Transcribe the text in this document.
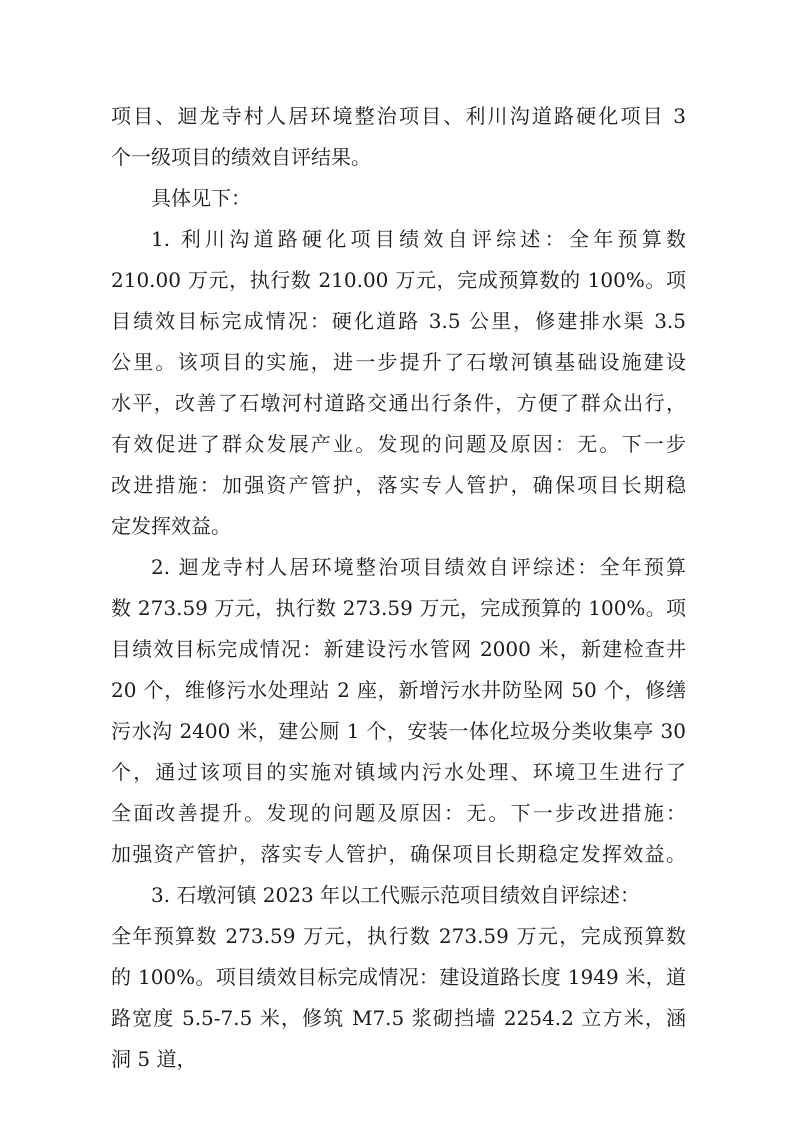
项目、迴龙寺村人居环境整治项目、利川沟道路硬化项目 3
个一级项目的绩效自评结果。
具体见下：
1. 利川沟道路硬化项目绩效自评综述：全年预算数
210.00 万元，执行数 210.00 万元，完成预算数的 100%。项
目绩效目标完成情况：硬化道路 3.5 公里，修建排水渠 3.5
公里。该项目的实施，进一步提升了石墩河镇基础设施建设
水平，改善了石墩河村道路交通出行条件，方便了群众出行，
有效促进了群众发展产业。发现的问题及原因：无。下一步
改进措施：加强资产管护，落实专人管护，确保项目长期稳
定发挥效益。
2. 迴龙寺村人居环境整治项目绩效自评综述：全年预算
数 273.59 万元，执行数 273.59 万元，完成预算的 100%。项
目绩效目标完成情况：新建设污水管网 2000 米，新建检查井
20 个，维修污水处理站 2 座，新增污水井防坠网 50 个，修缮
污水沟 2400 米，建公厕 1 个，安装一体化垃圾分类收集亭 30
个，通过该项目的实施对镇域内污水处理、环境卫生进行了
全面改善提升。发现的问题及原因：无。下一步改进措施：
加强资产管护，落实专人管护，确保项目长期稳定发挥效益。
3. 石墩河镇 2023 年以工代赈示范项目绩效自评综述：
全年预算数 273.59 万元，执行数 273.59 万元，完成预算数
的 100%。项目绩效目标完成情况：建设道路长度 1949 米，道
路宽度 5.5-7.5 米，修筑 M7.5 浆砌挡墙 2254.2 立方米，涵
洞 5 道，
